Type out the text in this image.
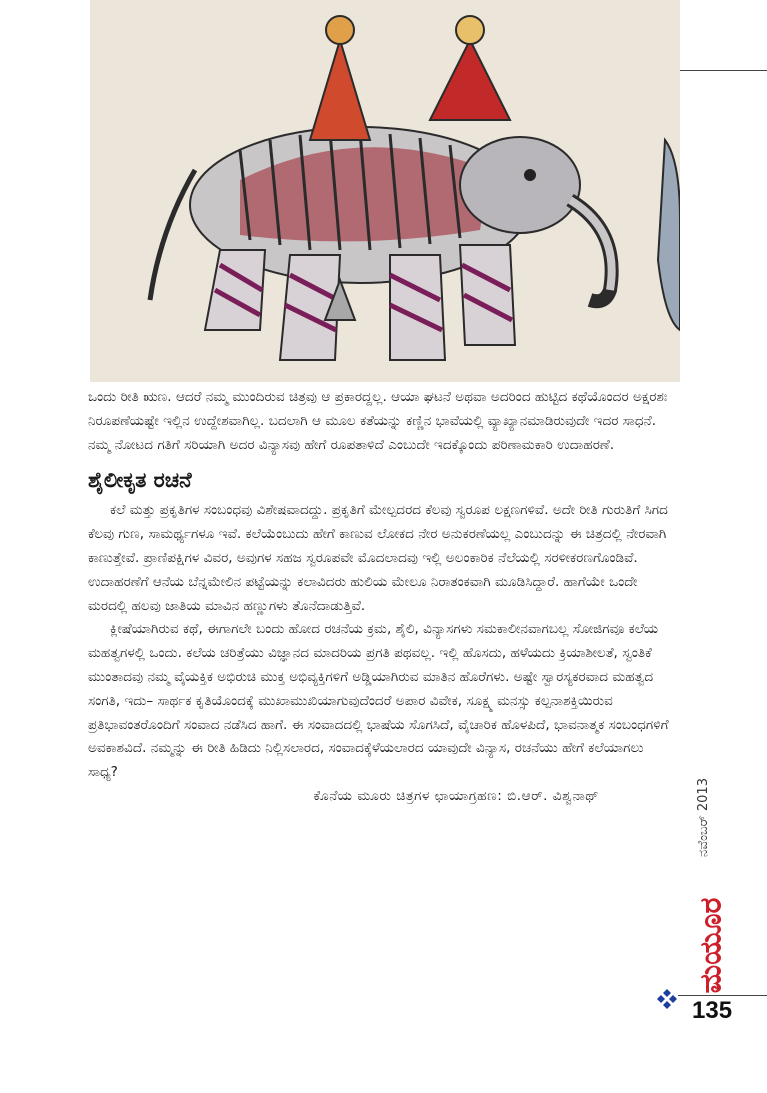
ಒಂದು ರೀತಿ ಋಣ. ಆದರೆ ನಮ್ಮ ಮುಂದಿರುವ ಚಿತ್ರವು ಆ ಪ್ರಕಾರದ್ದಲ್ಲ. ಆಯಾ ಘಟನೆ ಅಥವಾ ಅದರಿಂದ ಹುಟ್ಟಿದ ಕಥೆಯೊಂದರ ಅಕ್ಷರಶಃ ನಿರೂಪಣೆಯಷ್ಟೇ ಇಲ್ಲಿನ ಉದ್ದೇಶವಾಗಿಲ್ಲ. ಬದಲಾಗಿ ಆ ಮೂಲ ಕತೆಯನ್ನು ಕಣ್ಣಿನ ಭಾವೆಯಲ್ಲಿ ವ್ಯಾಖ್ಯಾನಮಾಡಿರುವುದೇ ಇದರ ಸಾಧನೆ. ನಮ್ಮ ನೋಟದ ಗತಿಗೆ ಸರಿಯಾಗಿ ಅದರ ವಿನ್ಯಾಸವು ಹೇಗೆ ರೂಪತಾಳಿದೆ ಎಂಬುದೇ ಇದಕ್ಕೊಂದು ಪರಿಣಾಮಕಾರಿ ಉದಾಹರಣೆ.

ಶೈಲೀಕೃತ ರಚನೆ

ಕಲೆ ಮತ್ತು ಪ್ರಕೃತಿಗಳ ಸಂಬಂಧವು ವಿಶೇಷವಾದದ್ದು. ಪ್ರಕೃತಿಗೆ ಮೇಲ್ಪದರದ ಕೆಲವು ಸ್ವರೂಪ ಲಕ್ಷಣಗಳಿವೆ. ಅದೇ ರೀತಿ ಗುರುತಿಗೆ ಸಿಗದ ಕೆಲವು ಗುಣ, ಸಾಮರ್ಥ್ಯಗಳೂ ಇವೆ. ಕಲೆಯೆಂಬುದು ಹೇಗೆ ಕಾಣುವ ಲೋಕದ ನೇರ ಅನುಕರಣೆಯಲ್ಲ ಎಂಬುದನ್ನು ಈ ಚಿತ್ರದಲ್ಲಿ ನೇರವಾಗಿ ಕಾಣುತ್ತೇವೆ. ಪ್ರಾಣಿಪಕ್ಷಿಗಳ ವಿವರ, ಅವುಗಳ ಸಹಜ ಸ್ವರೂಪವೇ ಮೊದಲಾದವು ಇಲ್ಲಿ ಅಲಂಕಾರಿಕ ನೆಲೆಯಲ್ಲಿ ಸರಳೀಕರಣಗೊಂಡಿವೆ. ಉದಾಹರಣೆಗೆ ಆನೆಯ ಬೆನ್ನಮೇಲಿನ ಪಟ್ಟೆಯನ್ನು ಕಲಾವಿದರು ಹುಲಿಯ ಮೇಲೂ ನಿರಾತಂಕವಾಗಿ ಮೂಡಿಸಿದ್ದಾರೆ. ಹಾಗೆಯೇ ಒಂದೇ ಮರದಲ್ಲಿ ಹಲವು ಜಾತಿಯ ಮಾವಿನ ಹಣ್ಣುಗಳು ತೊನೆದಾಡುತ್ತಿವೆ.

ಕ್ಲೀಷೆಯಾಗಿರುವ ಕಥೆ, ಈಗಾಗಲೇ ಬಂದು ಹೋದ ರಚನೆಯ ಕ್ರಮ, ಶೈಲಿ, ವಿನ್ಯಾಸಗಳು ಸಮಕಾಲೀನವಾಗಬಲ್ಲ ಸೋಜಿಗವೂ ಕಲೆಯ ಮಹತ್ವಗಳಲ್ಲಿ ಒಂದು. ಕಲೆಯ ಚರಿತ್ರೆಯು ವಿಜ್ಞಾನದ ಮಾದರಿಯ ಪ್ರಗತಿ ಪಥವಲ್ಲ. ಇಲ್ಲಿ ಹೊಸದು, ಹಳೆಯದು ಕ್ರಿಯಾಶೀಲತೆ, ಸ್ವಂತಿಕೆ ಮುಂತಾದವು ನಮ್ಮ ವೈಯಕ್ತಿಕ ಅಭಿರುಚಿ ಮುಕ್ತ ಅಭಿವ್ಯಕ್ತಿಗಳಿಗೆ ಅಡ್ಡಿಯಾಗಿರುವ ಮಾತಿನ ಹೊರೆಗಳು. ಅಷ್ಟೇ ಸ್ವಾರಸ್ಯಕರವಾದ ಮಹತ್ವದ ಸಂಗತಿ, ಇದು– ಸಾರ್ಥಕ ಕೃತಿಯೊಂದಕ್ಕೆ ಮುಖಾಮುಖಿಯಾಗುವುದೆಂದರೆ ಅಪಾರ ವಿವೇಕ, ಸೂಕ್ಷ್ಮ ಮನಸ್ಸು ಕಲ್ಪನಾಶಕ್ತಿಯಿರುವ ಪ್ರತಿಭಾವಂತರೊಂದಿಗೆ ಸಂವಾದ ನಡೆಸಿದ ಹಾಗೆ. ಈ ಸಂವಾದದಲ್ಲಿ ಭಾಷೆಯ ಸೊಗಸಿದೆ, ವೈಚಾರಿಕ ಹೊಳಪಿದೆ, ಭಾವನಾತ್ಮಕ ಸಂಬಂಧಗಳಿಗೆ ಅವಕಾಶವಿದೆ. ನಮ್ಮನ್ನು ಈ ರೀತಿ ಹಿಡಿದು ನಿಲ್ಲಿಸಲಾರದ, ಸಂವಾದಕ್ಕೆಳೆಯಲಾರದ ಯಾವುದೇ ವಿನ್ಯಾಸ, ರಚನೆಯು ಹೇಗೆ ಕಲೆಯಾಗಲು ಸಾಧ್ಯ?

ಕೊನೆಯ ಮೂರು ಚಿತ್ರಗಳ ಛಾಯಾಗ್ರಹಣ: ಬಿ.ಆರ್. ವಿಶ್ವನಾಥ್	ನವೆಂಬರ್ 2013
ಮಯೂರ
135
